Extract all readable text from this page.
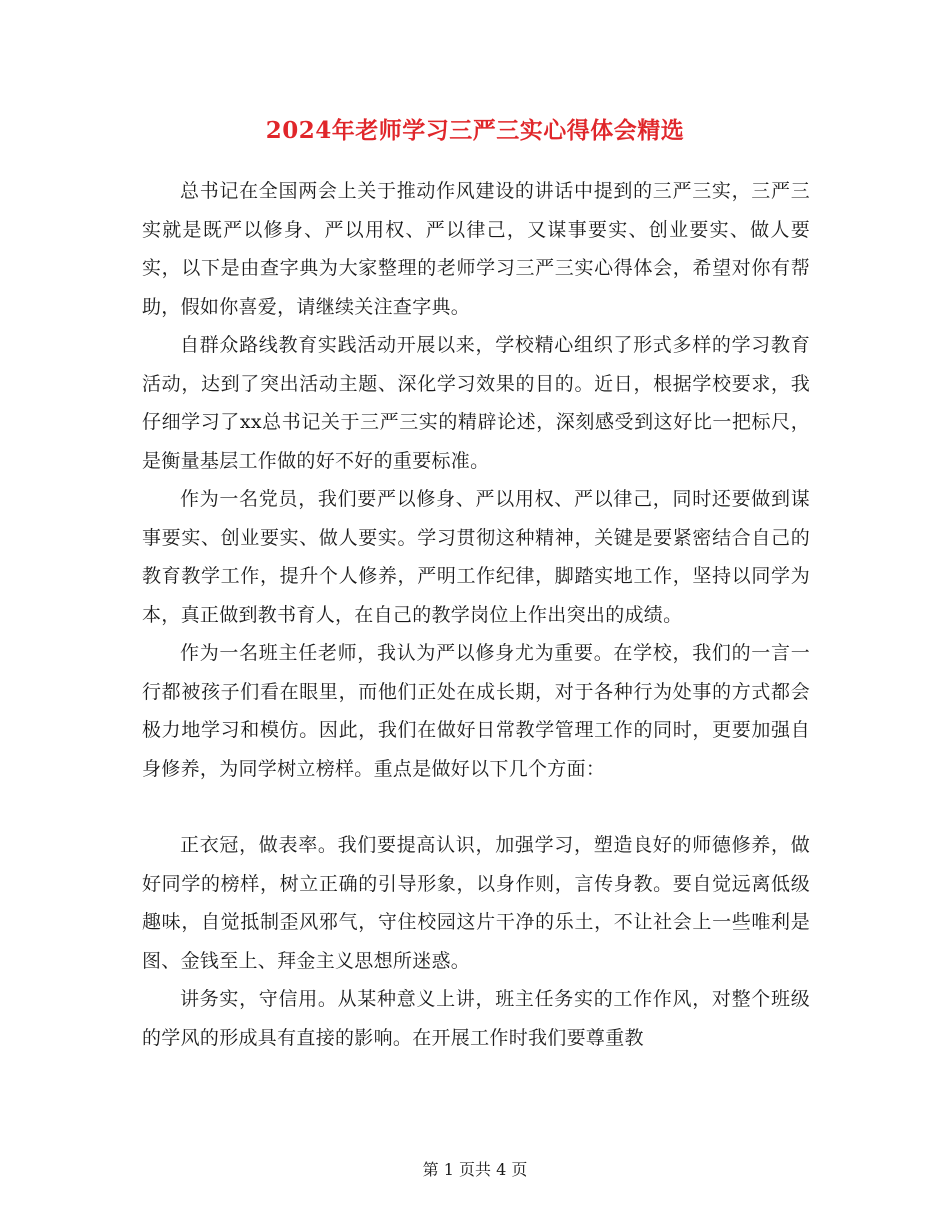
2024年老师学习三严三实心得体会精选

总书记在全国两会上关于推动作风建设的讲话中提到的三严三实，三严三实就是既严以修身、严以用权、严以律己，又谋事要实、创业要实、做人要实，以下是由查字典为大家整理的老师学习三严三实心得体会，希望对你有帮助，假如你喜爱，请继续关注查字典。

自群众路线教育实践活动开展以来，学校精心组织了形式多样的学习教育活动，达到了突出活动主题、深化学习效果的目的。近日，根据学校要求，我仔细学习了xx总书记关于三严三实的精辟论述，深刻感受到这好比一把标尺，是衡量基层工作做的好不好的重要标准。

作为一名党员，我们要严以修身、严以用权、严以律己，同时还要做到谋事要实、创业要实、做人要实。学习贯彻这种精神，关键是要紧密结合自己的教育教学工作，提升个人修养，严明工作纪律，脚踏实地工作，坚持以同学为本，真正做到教书育人，在自己的教学岗位上作出突出的成绩。

作为一名班主任老师，我认为严以修身尤为重要。在学校，我们的一言一行都被孩子们看在眼里，而他们正处在成长期，对于各种行为处事的方式都会极力地学习和模仿。因此，我们在做好日常教学管理工作的同时，更要加强自身修养，为同学树立榜样。重点是做好以下几个方面：

正衣冠，做表率。我们要提高认识，加强学习，塑造良好的师德修养，做好同学的榜样，树立正确的引导形象，以身作则，言传身教。要自觉远离低级趣味，自觉抵制歪风邪气，守住校园这片干净的乐土，不让社会上一些唯利是图、金钱至上、拜金主义思想所迷惑。

讲务实，守信用。从某种意义上讲，班主任务实的工作作风，对整个班级的学风的形成具有直接的影响。在开展工作时我们要尊重教

第 1 页共 4 页
